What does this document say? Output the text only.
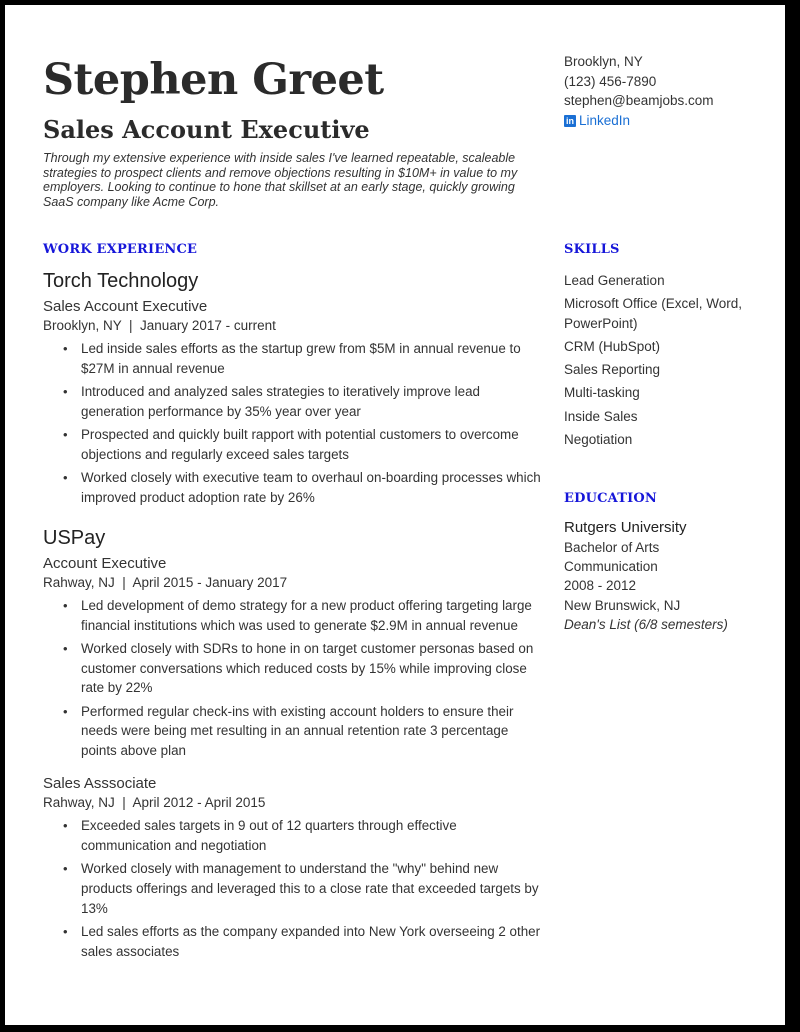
Stephen Greet
Sales Account Executive
Through my extensive experience with inside sales I've learned repeatable, scaleable strategies to prospect clients and remove objections resulting in $10M+ in value to my employers. Looking to continue to hone that skillset at an early stage, quickly growing SaaS company like Acme Corp.
Brooklyn, NY
(123) 456-7890
stephen@beamjobs.com
in LinkedIn
WORK EXPERIENCE	SKILLS
EDUCATION
Torch Technology
Sales Account Executive
Brooklyn, NY  |  January 2017 - current
• Led inside sales efforts as the startup grew from $5M in annual revenue to $27M in annual revenue
• Introduced and analyzed sales strategies to iteratively improve lead generation performance by 35% year over year
• Prospected and quickly built rapport with potential customers to overcome objections and regularly exceed sales targets
• Worked closely with executive team to overhaul on-boarding processes which improved product adoption rate by 26%
USPay
Account Executive
Rahway, NJ  |  April 2015 - January 2017
• Led development of demo strategy for a new product offering targeting large financial institutions which was used to generate $2.9M in annual revenue
• Worked closely with SDRs to hone in on target customer personas based on customer conversations which reduced costs by 15% while improving close rate by 22%
• Performed regular check-ins with existing account holders to ensure their needs were being met resulting in an annual retention rate 3 percentage points above plan
Sales Asssociate
Rahway, NJ  |  April 2012 - April 2015
• Exceeded sales targets in 9 out of 12 quarters through effective communication and negotiation
• Worked closely with management to understand the "why" behind new products offerings and leveraged this to a close rate that exceeded targets by 13%
• Led sales efforts as the company expanded into New York overseeing 2 other sales associates
Lead Generation
Microsoft Office (Excel, Word, PowerPoint)
CRM (HubSpot)
Sales Reporting
Multi-tasking
Inside Sales
Negotiation
Rutgers University
Bachelor of Arts
Communication
2008 - 2012
New Brunswick, NJ
Dean's List (6/8 semesters)
